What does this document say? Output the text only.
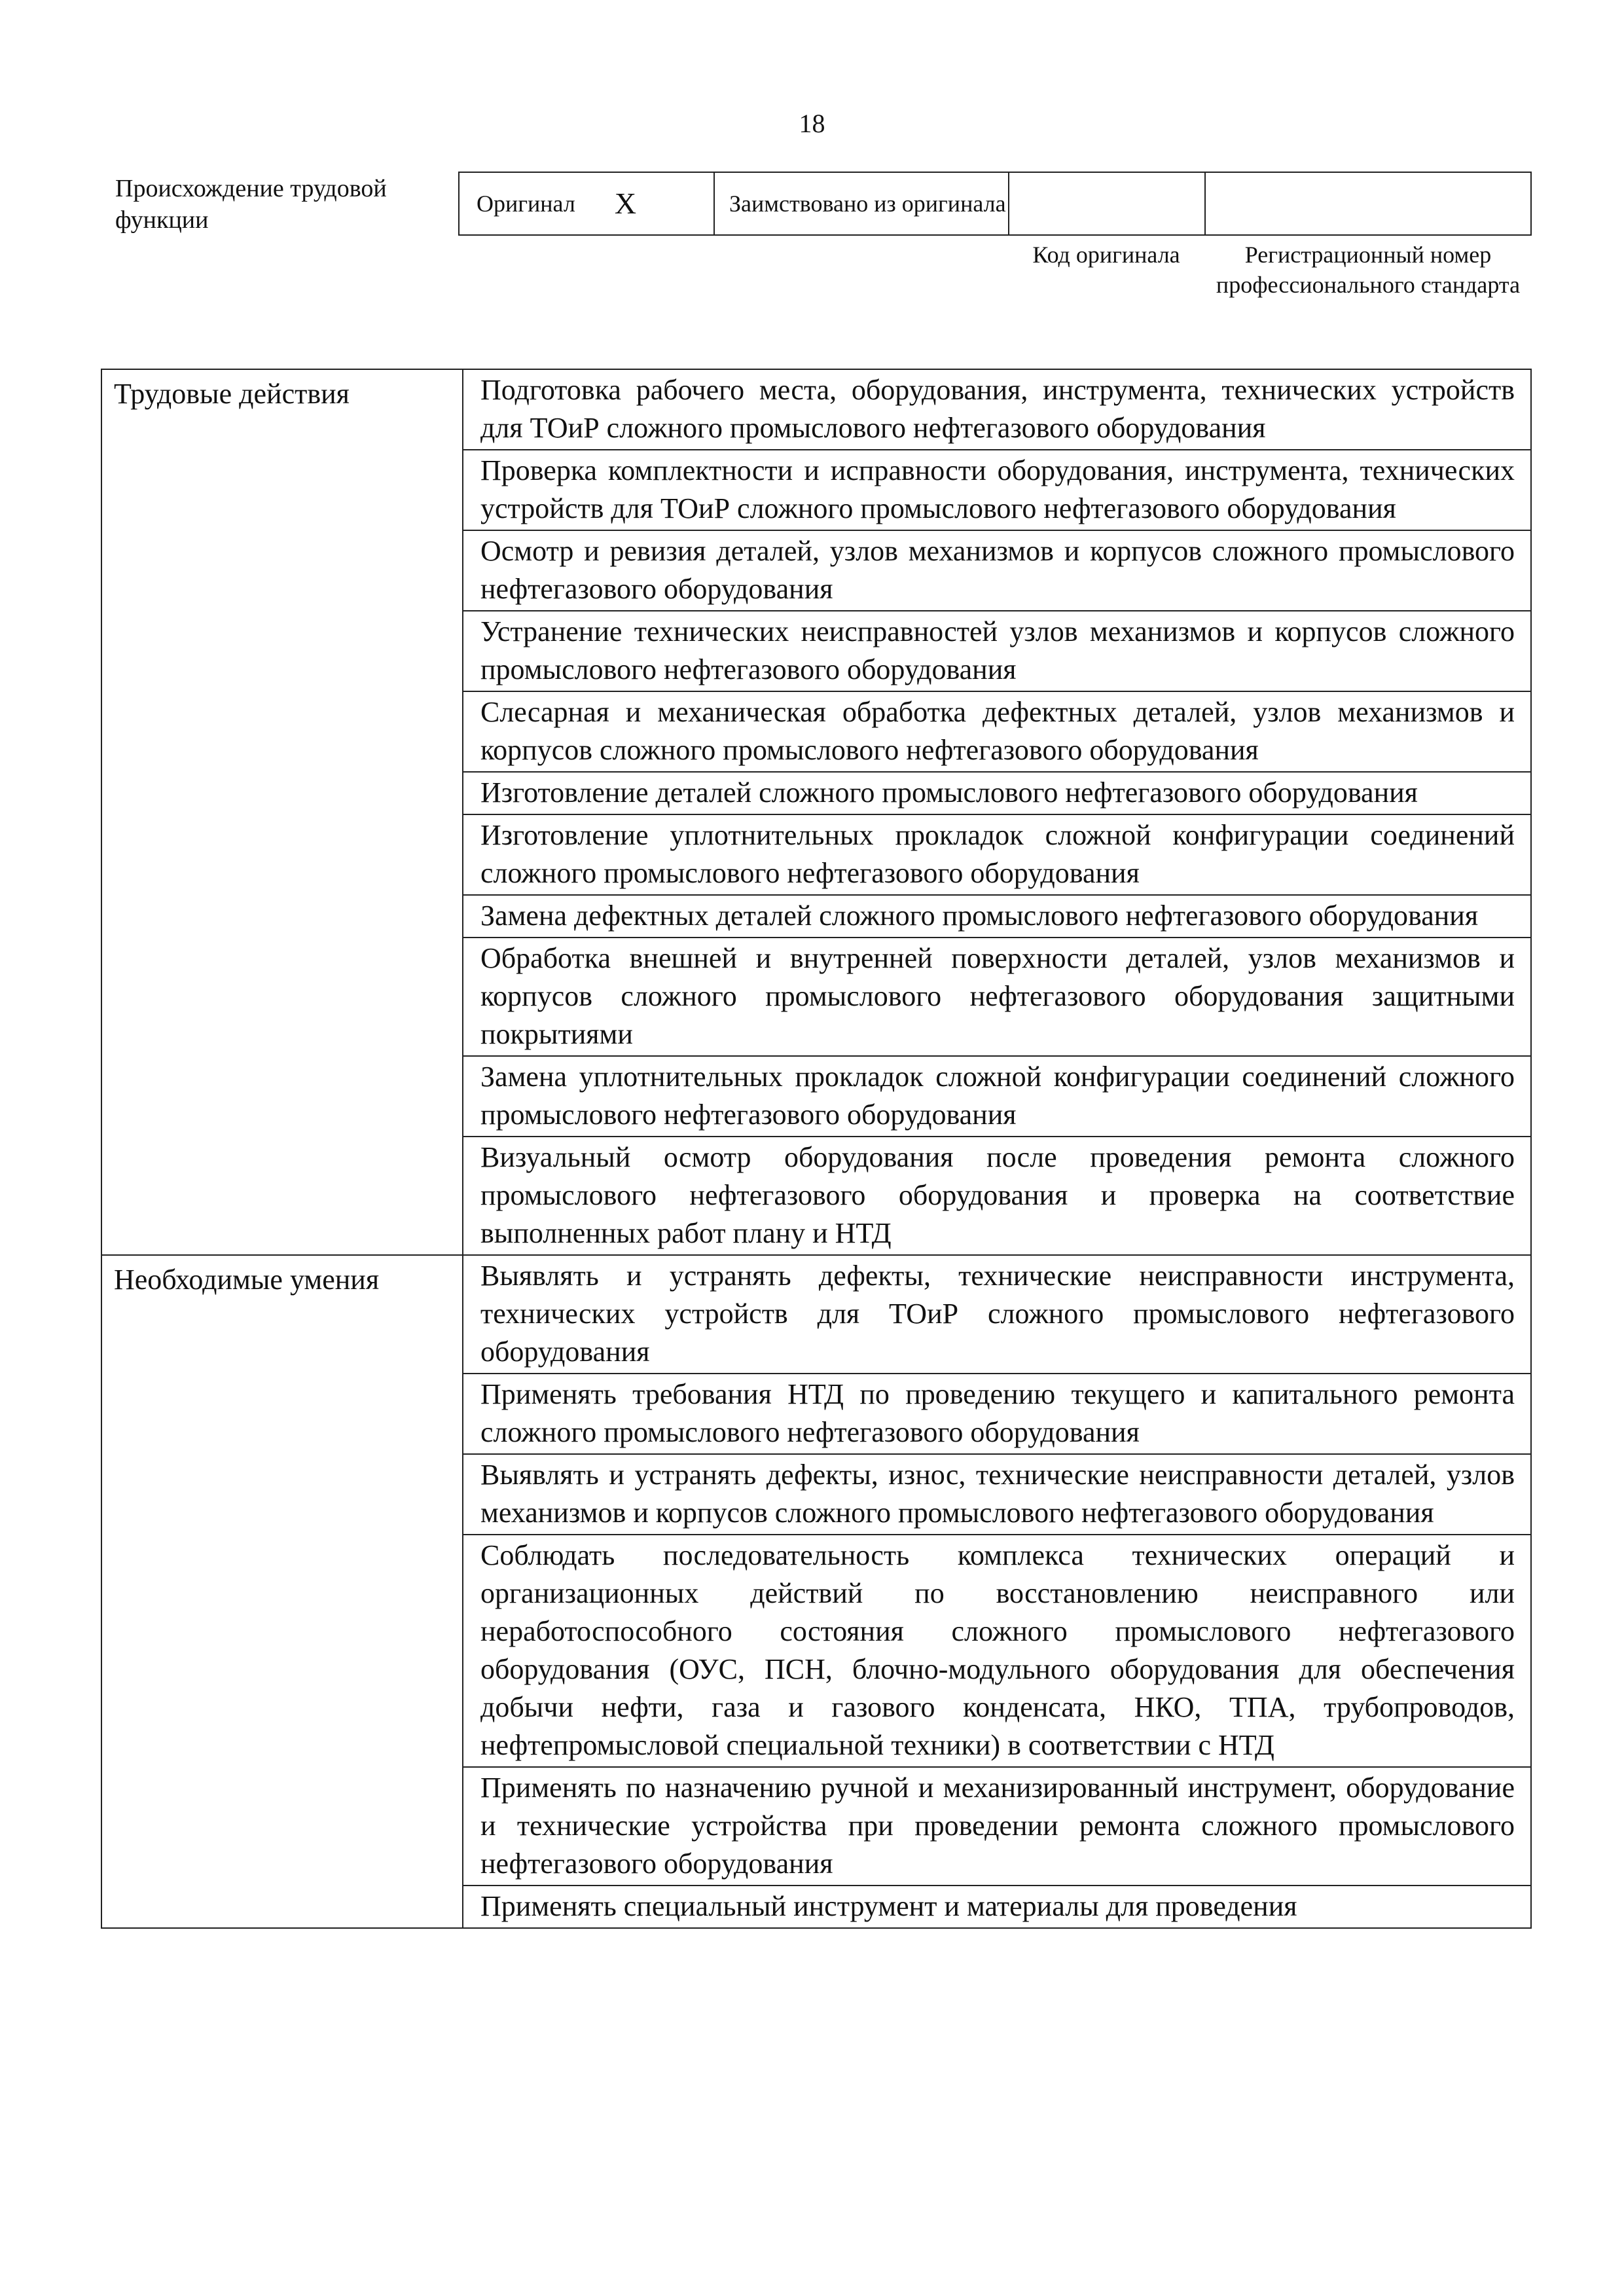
18
Происхождение трудовой функции
Оригинал X	Заимствовано из оригинала
Код оригинала	Регистрационный номер профессионального стандарта
Трудовые действия	Подготовка рабочего места, оборудования, инструмента, технических устройств для ТОиР сложного промыслового нефтегазового оборудования
Проверка комплектности и исправности оборудования, инструмента, технических устройств для ТОиР сложного промыслового нефтегазового оборудования
Осмотр и ревизия деталей, узлов механизмов и корпусов сложного промыслового нефтегазового оборудования
Устранение технических неисправностей узлов механизмов и корпусов сложного промыслового нефтегазового оборудования
Слесарная и механическая обработка дефектных деталей, узлов механизмов и корпусов сложного промыслового нефтегазового оборудования
Изготовление деталей сложного промыслового нефтегазового оборудования
Изготовление уплотнительных прокладок сложной конфигурации соединений сложного промыслового нефтегазового оборудования
Замена дефектных деталей сложного промыслового нефтегазового оборудования
Обработка внешней и внутренней поверхности деталей, узлов механизмов и корпусов сложного промыслового нефтегазового оборудования защитными покрытиями
Замена уплотнительных прокладок сложной конфигурации соединений сложного промыслового нефтегазового оборудования
Визуальный осмотр оборудования после проведения ремонта сложного промыслового нефтегазового оборудования и проверка на соответствие выполненных работ плану и НТД
Необходимые умения	Выявлять и устранять дефекты, технические неисправности инструмента, технических устройств для ТОиР сложного промыслового нефтегазового оборудования
Применять требования НТД по проведению текущего и капитального ремонта сложного промыслового нефтегазового оборудования
Выявлять и устранять дефекты, износ, технические неисправности деталей, узлов механизмов и корпусов сложного промыслового нефтегазового оборудования
Соблюдать последовательность комплекса технических операций и организационных действий по восстановлению неисправного или неработоспособного состояния сложного промыслового нефтегазового оборудования (ОУС, ПСН, блочно-модульного оборудования для обеспечения добычи нефти, газа и газового конденсата, НКО, ТПА, трубопроводов, нефтепромысловой специальной техники) в соответствии с НТД
Применять по назначению ручной и механизированный инструмент, оборудование и технические устройства при проведении ремонта сложного промыслового нефтегазового оборудования
Применять специальный инструмент и материалы для проведения
